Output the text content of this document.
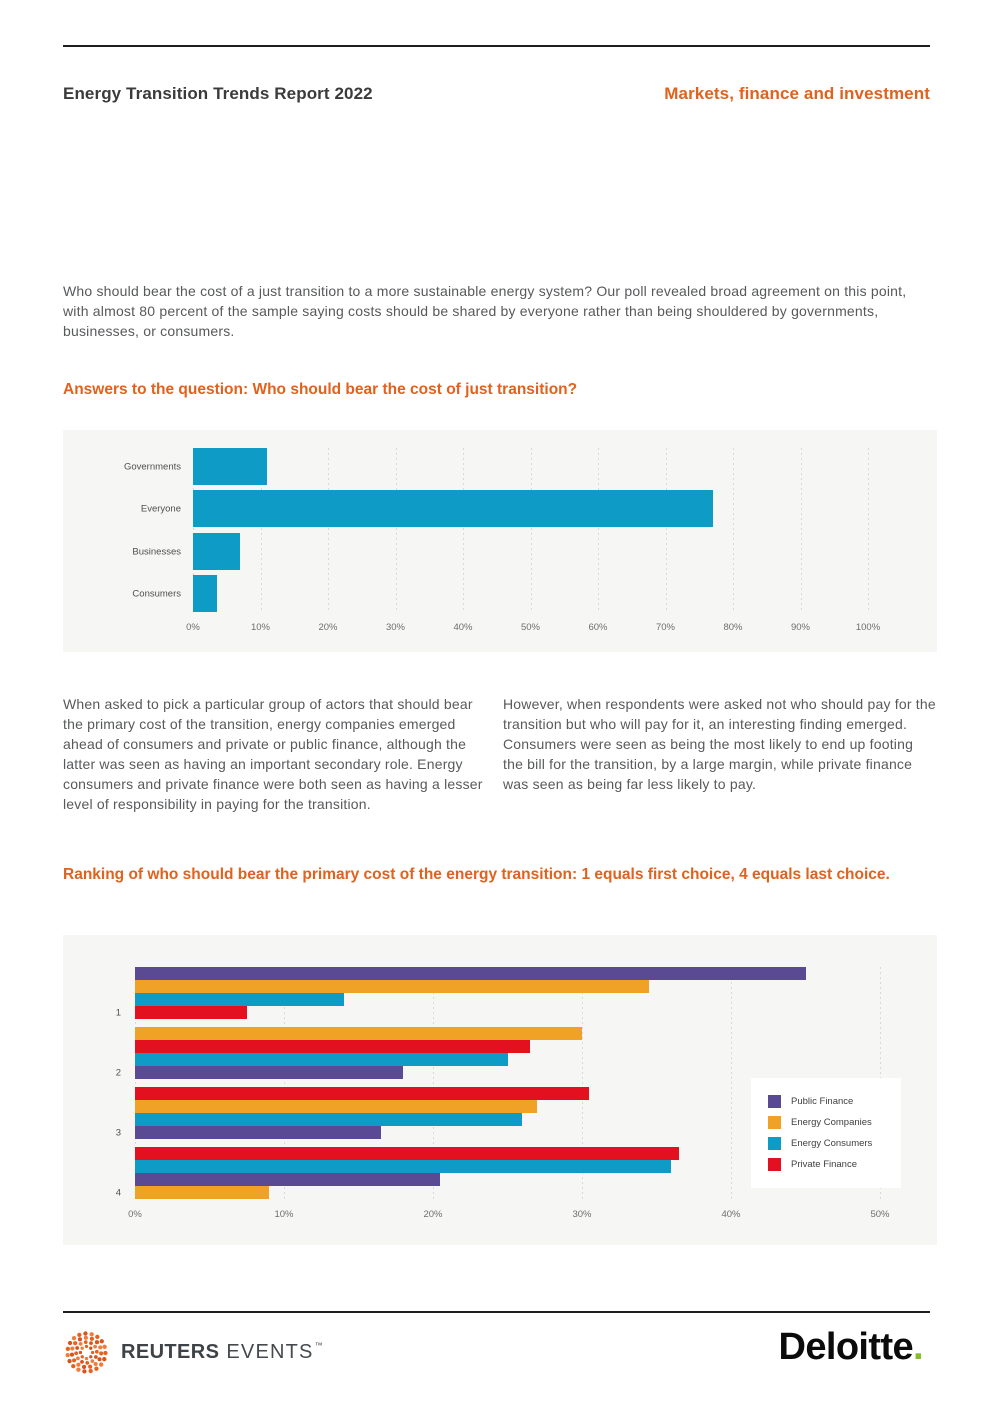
Energy Transition Trends Report 2022	Markets, finance and investment

Who should bear the cost of a just transition to a more sustainable energy system? Our poll revealed broad agreement on this point, with almost 80 percent of the sample saying costs should be shared by everyone rather than being shouldered by governments, businesses, or consumers.

Answers to the question: Who should bear the cost of just transition?
0%	10%	20%	30%	40%	50%	60%	70%	80%	90%	100%
Governments
Everyone
Businesses
Consumers

When asked to pick a particular group of actors that should bear the primary cost of the transition, energy companies emerged ahead of consumers and private or public finance, although the latter was seen as having an important secondary role. Energy consumers and private finance were both seen as having a lesser level of responsibility in paying for the transition.

However, when respondents were asked not who should pay for the transition but who will pay for it, an interesting finding emerged. Consumers were seen as being the most likely to end up footing the bill for the transition, by a large margin, while private finance was seen as being far less likely to pay.

Ranking of who should bear the primary cost of the energy transition: 1 equals first choice, 4 equals last choice.
0%	10%	20%	30%	40%	50%
1
2
3
4
Public Finance
Energy Companies
Energy Consumers
Private Finance
REUTERS EVENTS ™	Deloitte.
